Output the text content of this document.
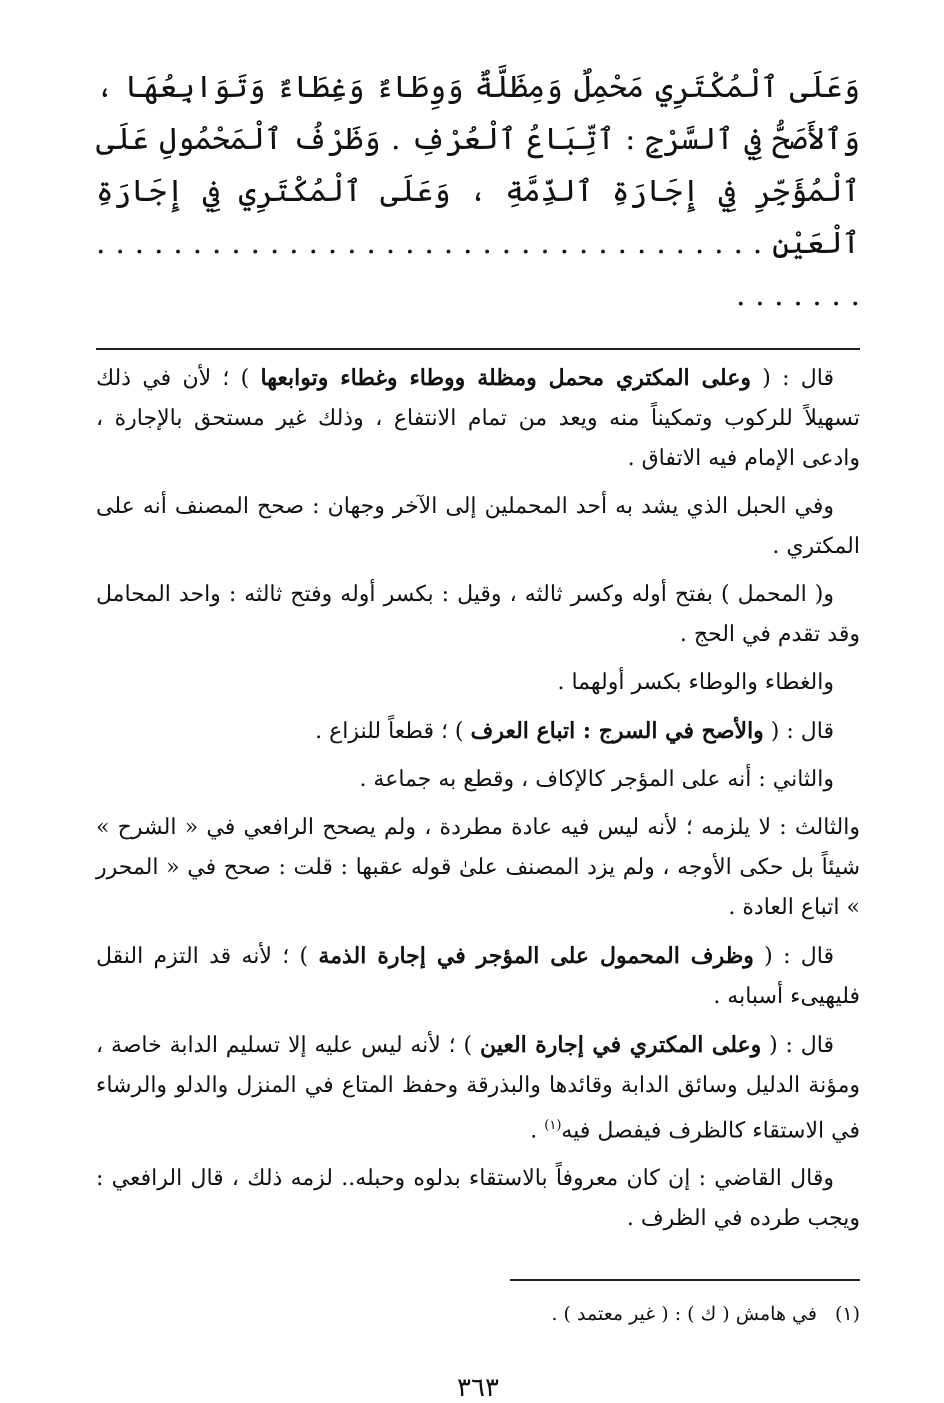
وَعَلَى ٱلْمُكْتَرِي مَحْمِلٌ وَمِظَلَّةٌ وَوِطَاءٌ وَغِطَاءٌ وَتَوَابِعُهَا ، وَٱلأَصَحُّ فِي ٱلسَّرْجِ : ٱتِّبَاعُ ٱلْعُرْفِ . وَظَرْفُ ٱلْمَحْمُولِ عَلَى ٱلْمُؤَجِّرِ فِي إِجَارَةِ ٱلذِّمَّةِ ، وَعَلَى ٱلْمُكْتَرِي فِي إِجَارَةِ ٱلْعَيْنِ . . . . . . . . . . . . . . . . . . . . . . . . . . . . . . . . . . . . . . . . . .

قال : ( وعلى المكتري محمل ومظلة ووطاء وغطاء وتوابعها ) ؛ لأن في ذلك تسهيلاً للركوب وتمكيناً منه ويعد من تمام الانتفاع ، وذلك غير مستحق بالإجارة ، وادعى الإمام فيه الاتفاق .

وفي الحبل الذي يشد به أحد المحملين إلى الآخر وجهان : صحح المصنف أنه على المكتري .

و( المحمل ) بفتح أوله وكسر ثالثه ، وقيل : بكسر أوله وفتح ثالثه : واحد المحامل وقد تقدم في الحج .

والغطاء والوطاء بكسر أولهما .

قال : ( والأصح في السرج : اتباع العرف ) ؛ قطعاً للنزاع .

والثاني : أنه على المؤجر كالإكاف ، وقطع به جماعة .

والثالث : لا يلزمه ؛ لأنه ليس فيه عادة مطردة ، ولم يصحح الرافعي في « الشرح » شيئاً بل حكى الأوجه ، ولم يزد المصنف علىٰ قوله عقبها : قلت : صحح في « المحرر » اتباع العادة .

قال : ( وظرف المحمول على المؤجر في إجارة الذمة ) ؛ لأنه قد التزم النقل فليهيىء أسبابه .

قال : ( وعلى المكتري في إجارة العين ) ؛ لأنه ليس عليه إلا تسليم الدابة خاصة ، ومؤنة الدليل وسائق الدابة وقائدها والبذرقة وحفظ المتاع في المنزل والدلو والرشاء في الاستقاء كالظرف فيفصل فيه$^{(١)}$ .

وقال القاضي : إن كان معروفاً بالاستقاء بدلوه وحبله.. لزمه ذلك ، قال الرافعي : ويجب طرده في الظرف .

(١)في هامش ( ك ) : ( غير معتمد ) .

٣٦٣
